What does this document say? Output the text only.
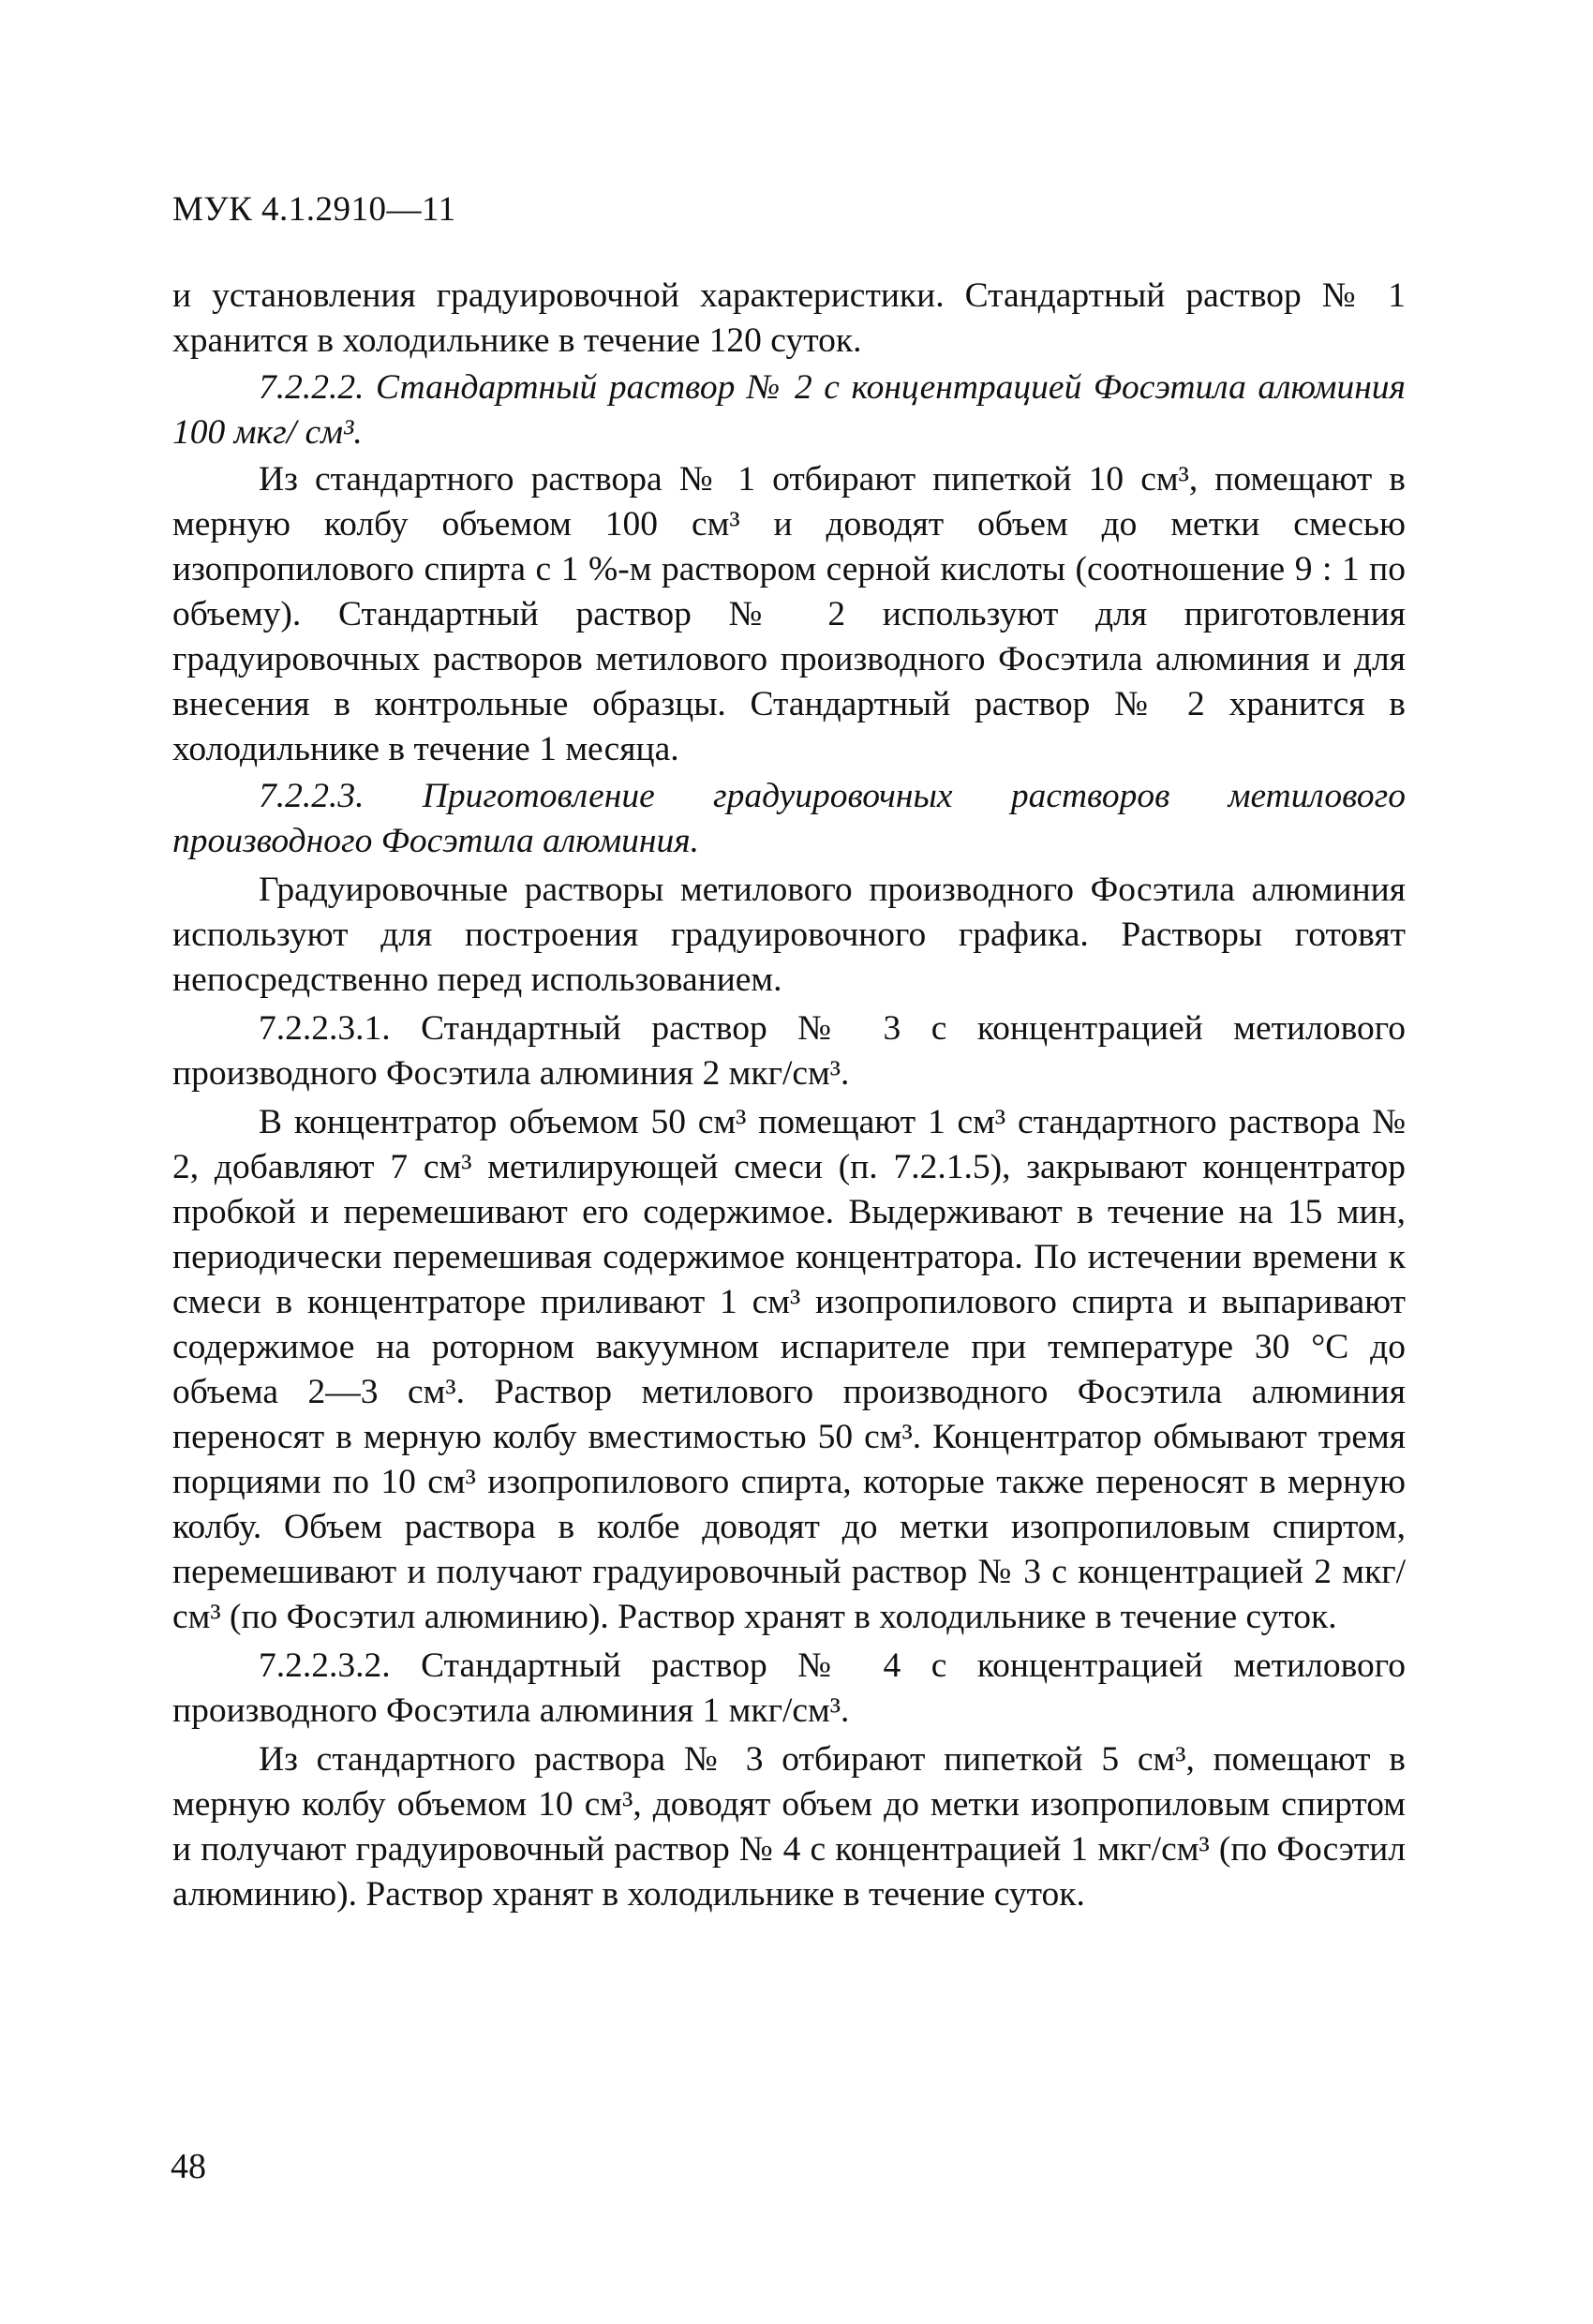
МУК 4.1.2910—11

и установления градуировочной характеристики. Стандартный раствор № 1 хранится в холодильнике в течение 120 суток.

7.2.2.2. Стандартный раствор № 2 с концентрацией Фосэтила алюминия 100 мкг/ см³.

Из стандартного раствора № 1 отбирают пипеткой 10 см³, помещают в мерную колбу объемом 100 см³ и доводят объем до метки смесью изопропилового спирта с 1 %-м раствором серной кислоты (соотношение 9 : 1 по объему). Стандартный раствор № 2 используют для приготовления градуировочных растворов метилового производного Фосэтила алюминия и для внесения в контрольные образцы. Стандартный раствор № 2 хранится в холодильнике в течение 1 месяца.

7.2.2.3. Приготовление градуировочных растворов метилового производного Фосэтила алюминия.

Градуировочные растворы метилового производного Фосэтила алюминия используют для построения градуировочного графика. Растворы готовят непосредственно перед использованием.

7.2.2.3.1. Стандартный раствор № 3 с концентрацией метилового производного Фосэтила алюминия 2 мкг/см³.

В концентратор объемом 50 см³ помещают 1 см³ стандартного раствора № 2, добавляют 7 см³ метилирующей смеси (п. 7.2.1.5), закрывают концентратор пробкой и перемешивают его содержимое. Выдерживают в течение на 15 мин, периодически перемешивая содержимое концентратора. По истечении времени к смеси в концентраторе приливают 1 см³ изопропилового спирта и выпаривают содержимое на роторном вакуумном испарителе при температуре 30 °С до объема 2—3 см³. Раствор метилового производного Фосэтила алюминия переносят в мерную колбу вместимостью 50 см³. Концентратор обмывают тремя порциями по 10 см³ изопропилового спирта, которые также переносят в мерную колбу. Объем раствора в колбе доводят до метки изопропиловым спиртом, перемешивают и получают градуировочный раствор № 3 с концентрацией 2 мкг/см³ (по Фосэтил алюминию). Раствор хранят в холодильнике в течение суток.

7.2.2.3.2. Стандартный раствор № 4 с концентрацией метилового производного Фосэтила алюминия 1 мкг/см³.

Из стандартного раствора № 3 отбирают пипеткой 5 см³, помещают в мерную колбу объемом 10 см³, доводят объем до метки изопропиловым спиртом и получают градуировочный раствор № 4 с концентрацией 1 мкг/см³ (по Фосэтил алюминию). Раствор хранят в холодильнике в течение суток.

48
